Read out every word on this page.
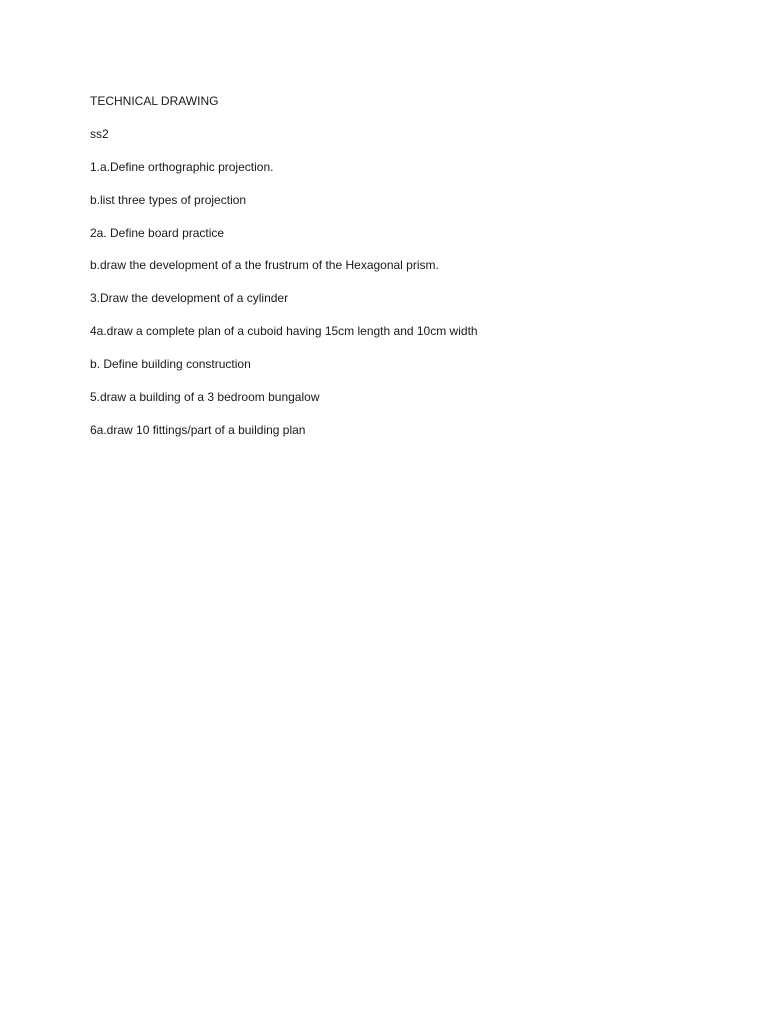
TECHNICAL DRAWING
ss2
1.a.Define orthographic projection.
b.list three types of projection
2a. Define board practice
b.draw the development of a the frustrum of the Hexagonal prism.
3.Draw the development of a cylinder
4a.draw a complete plan of a cuboid having 15cm length and 10cm width
b. Define building construction
5.draw a building of a 3 bedroom bungalow
6a.draw 10 fittings/part of a building plan
